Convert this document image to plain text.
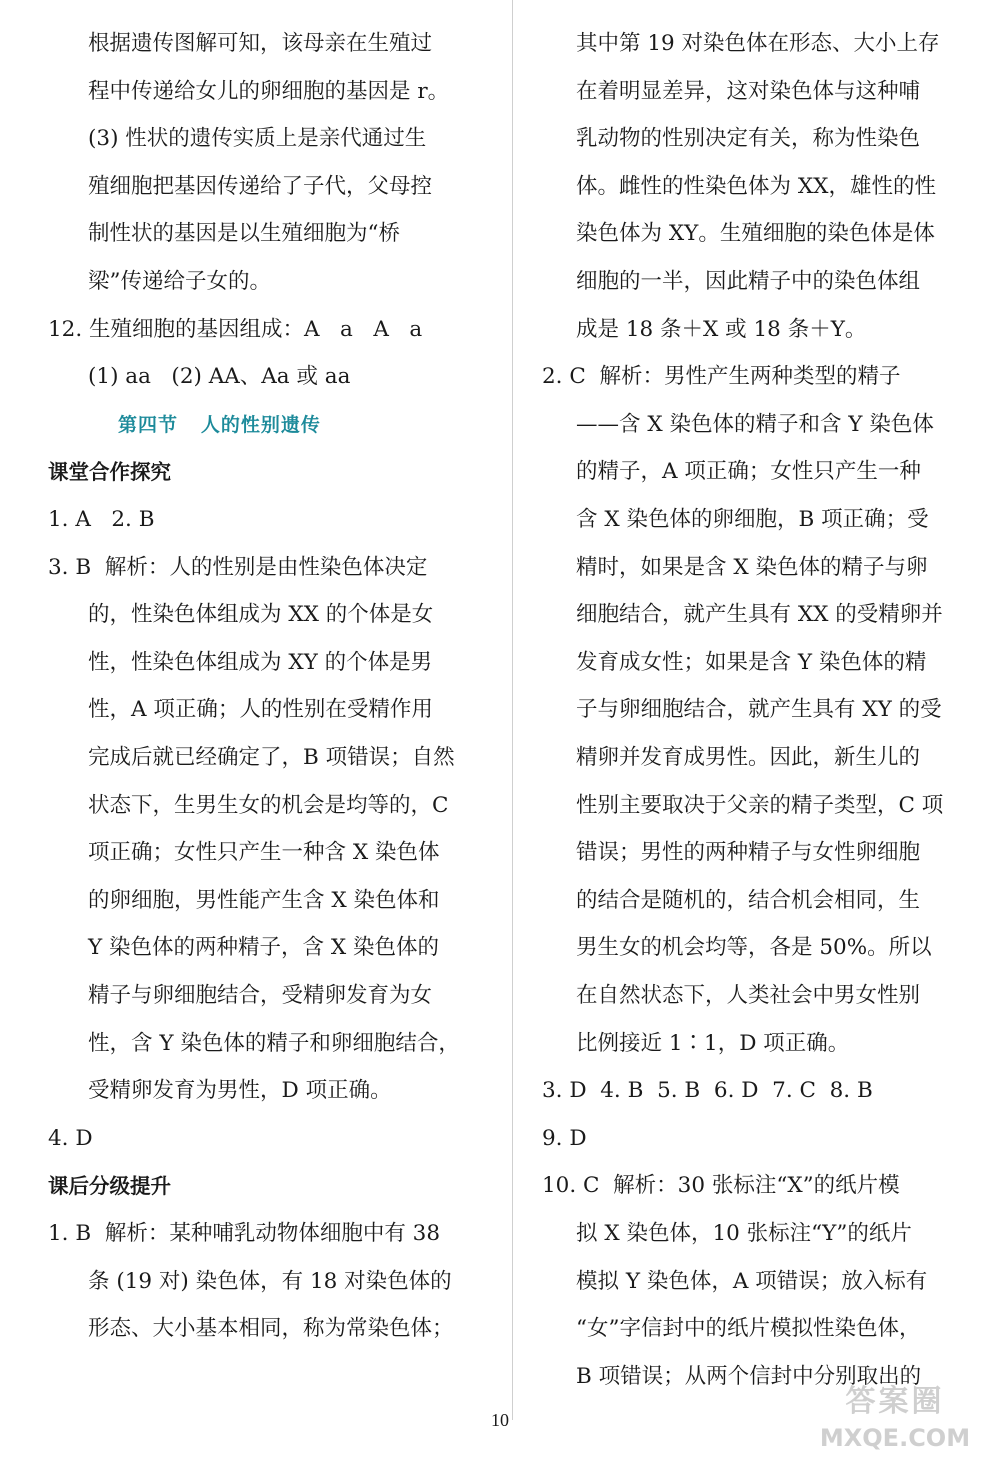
根据遗传图解可知，该母亲在生殖过
程中传递给女儿的卵细胞的基因是 r。
(3) 性状的遗传实质上是亲代通过生
殖细胞把基因传递给了子代，父母控
制性状的基因是以生殖细胞为“桥
梁”传递给子女的。
12. 生殖细胞的基因组成：A   a   A   a
(1) aa   (2) AA、Aa 或 aa
第四节   人的性别遗传
课堂合作探究
1. A   2. B
3. B  解析：人的性别是由性染色体决定
的，性染色体组成为 XX 的个体是女
性，性染色体组成为 XY 的个体是男
性，A 项正确；人的性别在受精作用
完成后就已经确定了，B 项错误；自然
状态下，生男生女的机会是均等的，C
项正确；女性只产生一种含 X 染色体
的卵细胞，男性能产生含 X 染色体和
Y 染色体的两种精子，含 X 染色体的
精子与卵细胞结合，受精卵发育为女
性，含 Y 染色体的精子和卵细胞结合，
受精卵发育为男性，D 项正确。
4. D
课后分级提升
1. B  解析：某种哺乳动物体细胞中有 38
条 (19 对) 染色体，有 18 对染色体的
形态、大小基本相同，称为常染色体；
其中第 19 对染色体在形态、大小上存
在着明显差异，这对染色体与这种哺
乳动物的性别决定有关，称为性染色
体。雌性的性染色体为 XX，雄性的性
染色体为 XY。生殖细胞的染色体是体
细胞的一半，因此精子中的染色体组
成是 18 条＋X 或 18 条＋Y。
2. C  解析：男性产生两种类型的精子
——含 X 染色体的精子和含 Y 染色体
的精子，A 项正确；女性只产生一种
含 X 染色体的卵细胞，B 项正确；受
精时，如果是含 X 染色体的精子与卵
细胞结合，就产生具有 XX 的受精卵并
发育成女性；如果是含 Y 染色体的精
子与卵细胞结合，就产生具有 XY 的受
精卵并发育成男性。因此，新生儿的
性别主要取决于父亲的精子类型，C 项
错误；男性的两种精子与女性卵细胞
的结合是随机的，结合机会相同，生
男生女的机会均等，各是 50%。所以
在自然状态下，人类社会中男女性别
比例接近 1∶1，D 项正确。
3. D  4. B  5. B  6. D  7. C  8. B
9. D
10. C  解析：30 张标注“X”的纸片模
拟 X 染色体，10 张标注“Y”的纸片
模拟 Y 染色体，A 项错误；放入标有
“女”字信封中的纸片模拟性染色体，
B 项错误；从两个信封中分别取出的
10
答案圈
MXQE.COM
